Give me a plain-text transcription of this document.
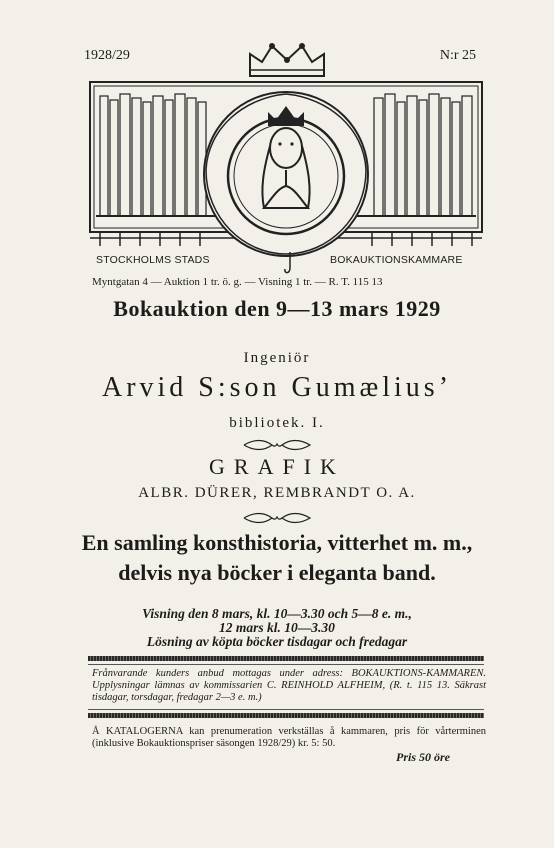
1928/29	N:r 25
STOCKHOLMS STADS	BOKAUKTIONSKAMMARE
Myntgatan 4 — Auktion 1 tr. ö. g. — Visning 1 tr. — R. T. 115 13
Bokauktion den 9—13 mars 1929
Ingeniör
Arvid S:son Gumælius’
bibliotek. I.
GRAFIK
ALBR. DÜRER, REMBRANDT O. A.
En samling konsthistoria, vitterhet m. m.,
delvis nya böcker i eleganta band.
Visning den 8 mars, kl. 10—3.30 och 5—8 e. m.,
12 mars kl. 10—3.30
Lösning av köpta böcker tisdagar och fredagar
Frånvarande kunders anbud mottagas under adress: BOKAUKTIONS-KAMMAREN. Upplysningar lämnas av kommissarien C. REINHOLD ALFHEIM, (R. t. 115 13. Säkrast tisdagar, torsdagar, fredagar 2—3 e. m.)
Å KATALOGERNA kan prenumeration verkställas å kammaren, pris för vårterminen (inklusive Bokauktionspriser säsongen 1928/29) kr. 5: 50.
Pris 50 öre
